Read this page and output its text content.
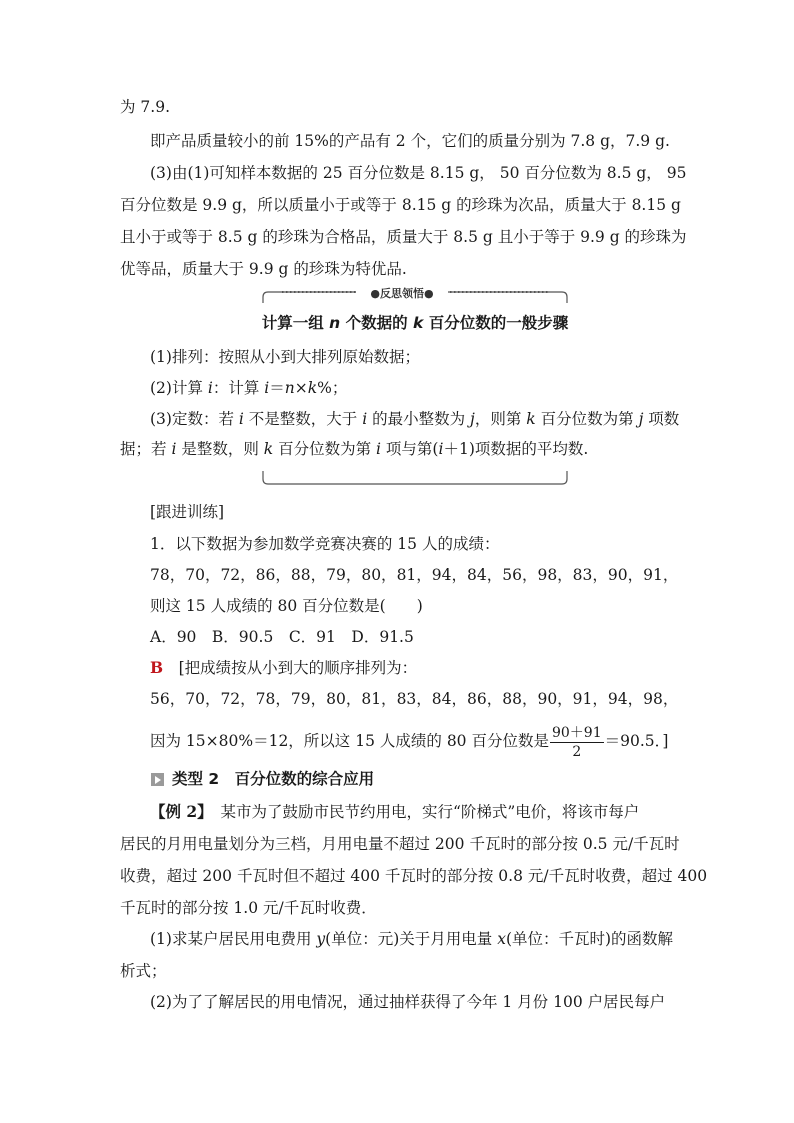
为 7.9.
即产品质量较小的前 15%的产品有 2 个，它们的质量分别为 7.8 g，7.9 g.
(3)由(1)可知样本数据的 25 百分位数是 8.15 g， 50 百分位数为 8.5 g， 95
百分位数是 9.9 g，所以质量小于或等于 8.15 g 的珍珠为次品，质量大于 8.15 g
且小于或等于 8.5 g 的珍珠为合格品，质量大于 8.5 g 且小于等于 9.9 g 的珍珠为
优等品，质量大于 9.9 g 的珍珠为特优品.
●反思领悟●
计算一组 n 个数据的 k 百分位数的一般步骤
(1)排列：按照从小到大排列原始数据；
(2)计算 i：计算 i＝n×k%；
(3)定数：若 i 不是整数，大于 i 的最小整数为 j，则第 k 百分位数为第 j 项数
据；若 i 是整数，则 k 百分位数为第 i 项与第(i＋1)项数据的平均数.
[跟进训练]
1．以下数据为参加数学竞赛决赛的 15 人的成绩：
78，70，72，86，88，79，80，81，94，84，56，98，83，90，91，
则这 15 人成绩的 80 百分位数是(　　)
A．90　B．90.5　C．91　D．91.5
B　 [把成绩按从小到大的顺序排列为：
56，70，72，78，79，80，81，83，84，86，88，90，91，94，98，
因为 15×80%＝12，所以这 15 人成绩的 80 百分位数是 $\frac{90+91}{2} =90.5$．]
类型 2　百分位数的综合应用
【例 2】　某市为了鼓励市民节约用电，实行“阶梯式”电价，将该市每户
居民的月用电量划分为三档，月用电量不超过 200 千瓦时的部分按 0.5 元/千瓦时
收费，超过 200 千瓦时但不超过 400 千瓦时的部分按 0.8 元/千瓦时收费，超过 400
千瓦时的部分按 1.0 元/千瓦时收费．
(1)求某户居民用电费用 y(单位：元)关于月用电量 x(单位：千瓦时)的函数解
析式；
(2)为了了解居民的用电情况，通过抽样获得了今年 1 月份 100 户居民每户
